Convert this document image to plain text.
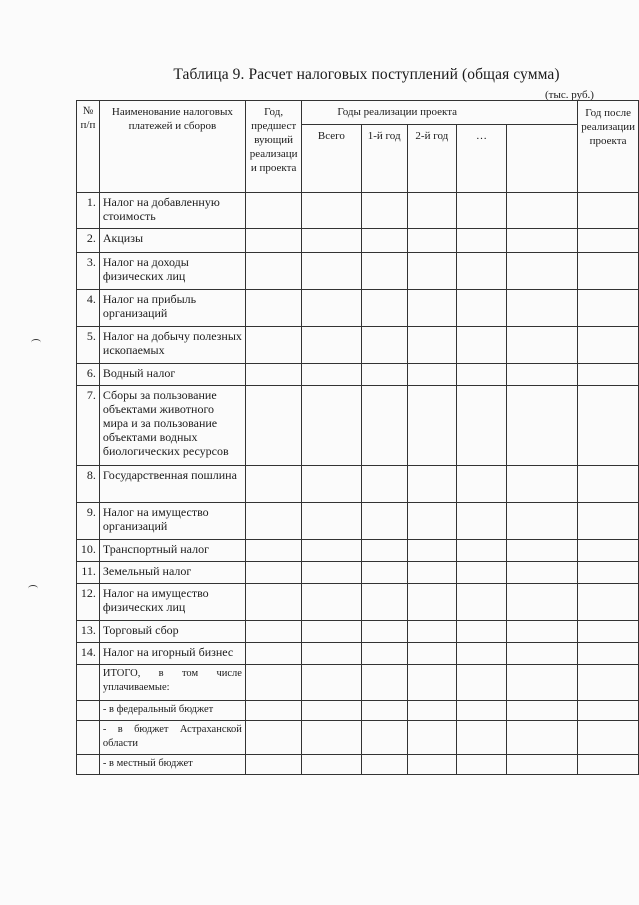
Таблица 9. Расчет налоговых поступлений (общая сумма)
(тыс. руб.)
№ п/п	Наименование налоговых платежей и сборов	Год, предшест вующий реализаци и проекта	Годы реализации проекта					Год после реализации проекта
			Всего	1-й год	2-й год	…		
1.	Налог на добавленную стоимость							
2.	Акцизы							
3.	Налог на доходы физических лиц							
4.	Налог на прибыль организаций							
5.	Налог на добычу полезных ископаемых							
6.	Водный налог							
7.	Сборы за пользование объектами животного мира и за пользование объектами водных биологических ресурсов							
8.	Государственная пошлина							
9.	Налог на имущество организаций							
10.	Транспортный налог							
11.	Земельный налог							
12.	Налог на имущество физических лиц							
13.	Торговый сбор							
14.	Налог на игорный бизнес							
	ИТОГО, в том числе уплачиваемые:							
	- в федеральный бюджет							
	- в бюджет Астраханской области							
	- в местный бюджет							
